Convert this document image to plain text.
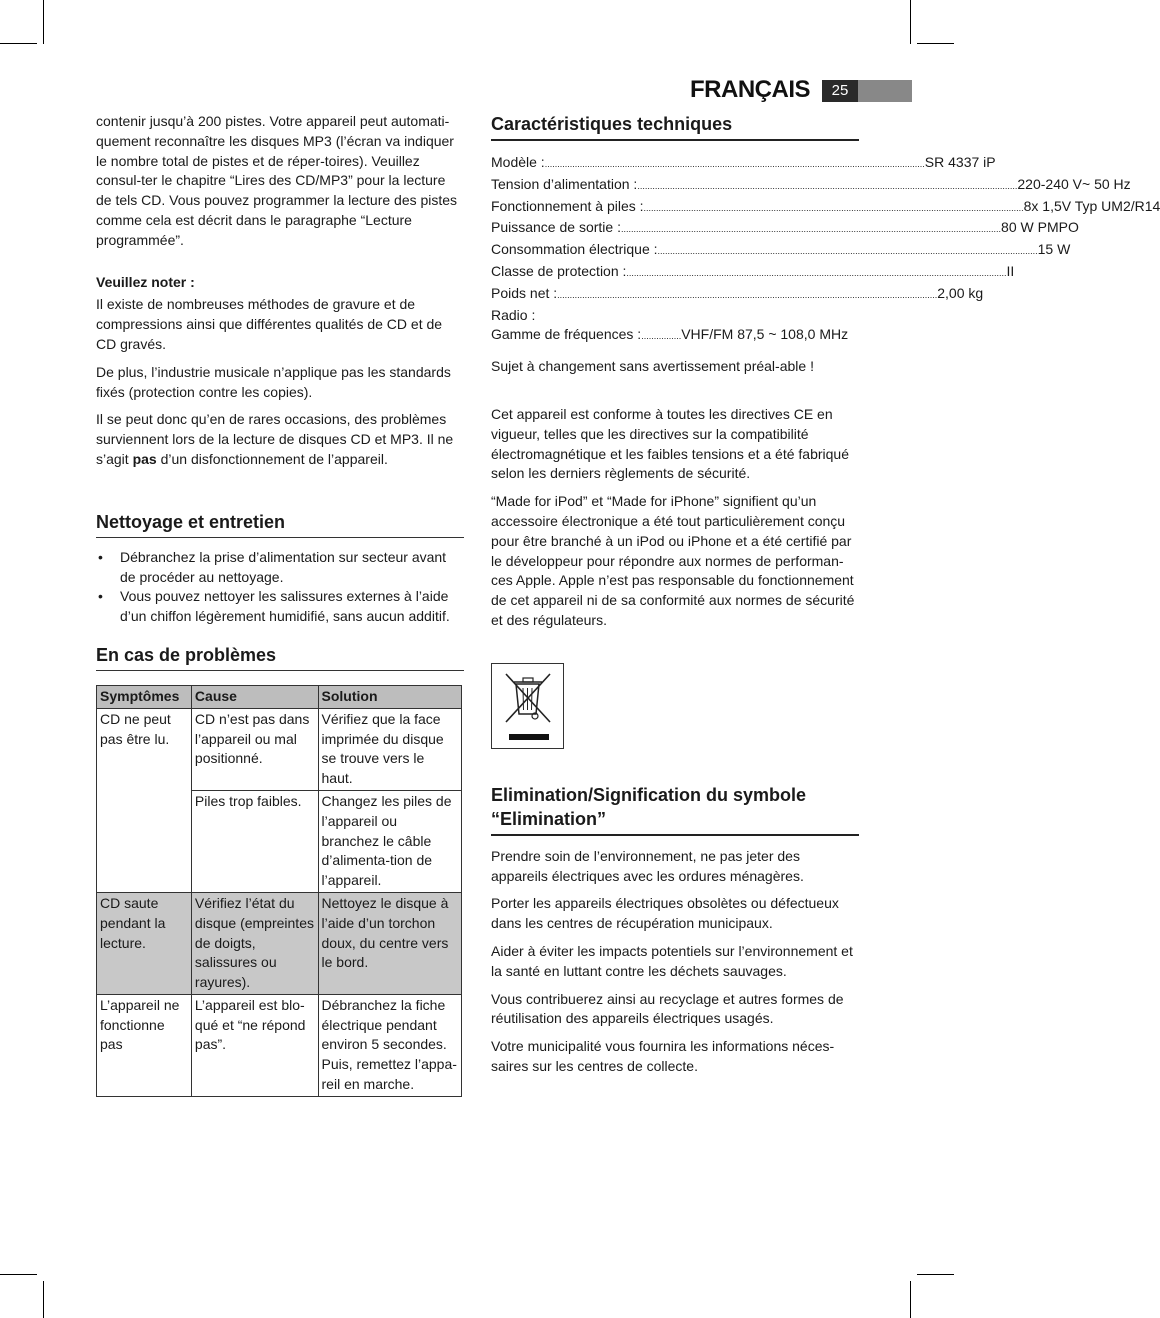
FRANÇAIS	25

contenir jusqu’à 200 pistes. Votre appareil peut automati-quement reconnaître les disques MP3 (l’écran va indiquer le nombre total de pistes et de réper-toires). Veuillez consul-ter le chapitre “Lires des CD/MP3” pour la lecture de tels CD. Vous pouvez programmer la lecture des pistes comme cela est décrit dans le paragraphe “Lecture programmée”.

Veuillez noter :

Il existe de nombreuses méthodes de gravure et de compressions ainsi que différentes qualités de CD et de CD gravés.

De plus, l’industrie musicale n’applique pas les standards fixés (protection contre les copies).

Il se peut donc qu’en de rares occasions, des problèmes surviennent lors de la lecture de disques CD et MP3. Il ne s’agit pas d’un disfonctionnement de l’appareil.

Nettoyage et entretien
• Débranchez la prise d’alimentation sur secteur avant de procéder au nettoyage.
• Vous pouvez nettoyer les salissures externes à l’aide d’un chiffon légèrement humidifié, sans aucun additif.
En cas de problèmes
Symptômes	Cause	Solution
CD ne peut pas être lu.	CD n’est pas dans l’appareil ou mal positionné.	Vérifiez que la face imprimée du disque se trouve vers le haut.
	Piles trop faibles.	Changez les piles de l’appareil ou branchez le câble d’alimenta-tion de l’appareil.
CD saute pendant la lecture.	Vérifiez l’état du disque (empreintes de doigts, salissures ou rayures).	Nettoyez le disque à l’aide d’un torchon doux, du centre vers le bord.
L’appareil ne fonctionne pas	L’appareil est blo-qué et “ne répond pas”.	Débranchez la fiche électrique pendant environ 5 secondes. Puis, remettez l’appa-reil en marche.
Caractéristiques techniques
Modèle : ........................................................................................................................................................ SR 4337 iP
Tension d’alimentation : ........................................................................................................................................................ 220-240 V~ 50 Hz
Fonctionnement à piles : ........................................................................................................................................................ 8x 1,5V Typ UM2/R14
Puissance de sortie : ........................................................................................................................................................ 80 W PMPO
Consommation électrique : ........................................................................................................................................................ 15 W
Classe de protection : ........................................................................................................................................................ II
Poids net : ........................................................................................................................................................ 2,00 kg
Radio :
Gamme de fréquences :................VHF/FM 87,5 ~ 108,0 MHz

Sujet à changement sans avertissement préal-able !

Cet appareil est conforme à toutes les directives CE en vigueur, telles que les directives sur la compatibilité électromagnétique et les faibles tensions et a été fabriqué selon les derniers règlements de sécurité.

“Made for iPod” et “Made for iPhone” signifient qu’un accessoire électronique a été tout particulièrement conçu pour être branché à un iPod ou iPhone et a été certifié par le développeur pour répondre aux normes de performan-ces Apple. Apple n’est pas responsable du fonctionnement de cet appareil ni de sa conformité aux normes de sécurité et des régulateurs.

Elimination/Signification du symbole “Elimination”

Prendre soin de l’environnement, ne pas jeter des appareils électriques avec les ordures ménagères.

Porter les appareils électriques obsolètes ou défectueux dans les centres de récupération municipaux.

Aider à éviter les impacts potentiels sur l’environnement et la santé en luttant contre les déchets sauvages.

Vous contribuerez ainsi au recyclage et autres formes de réutilisation des appareils électriques usagés.

Votre municipalité vous fournira les informations néces-saires sur les centres de collecte.
